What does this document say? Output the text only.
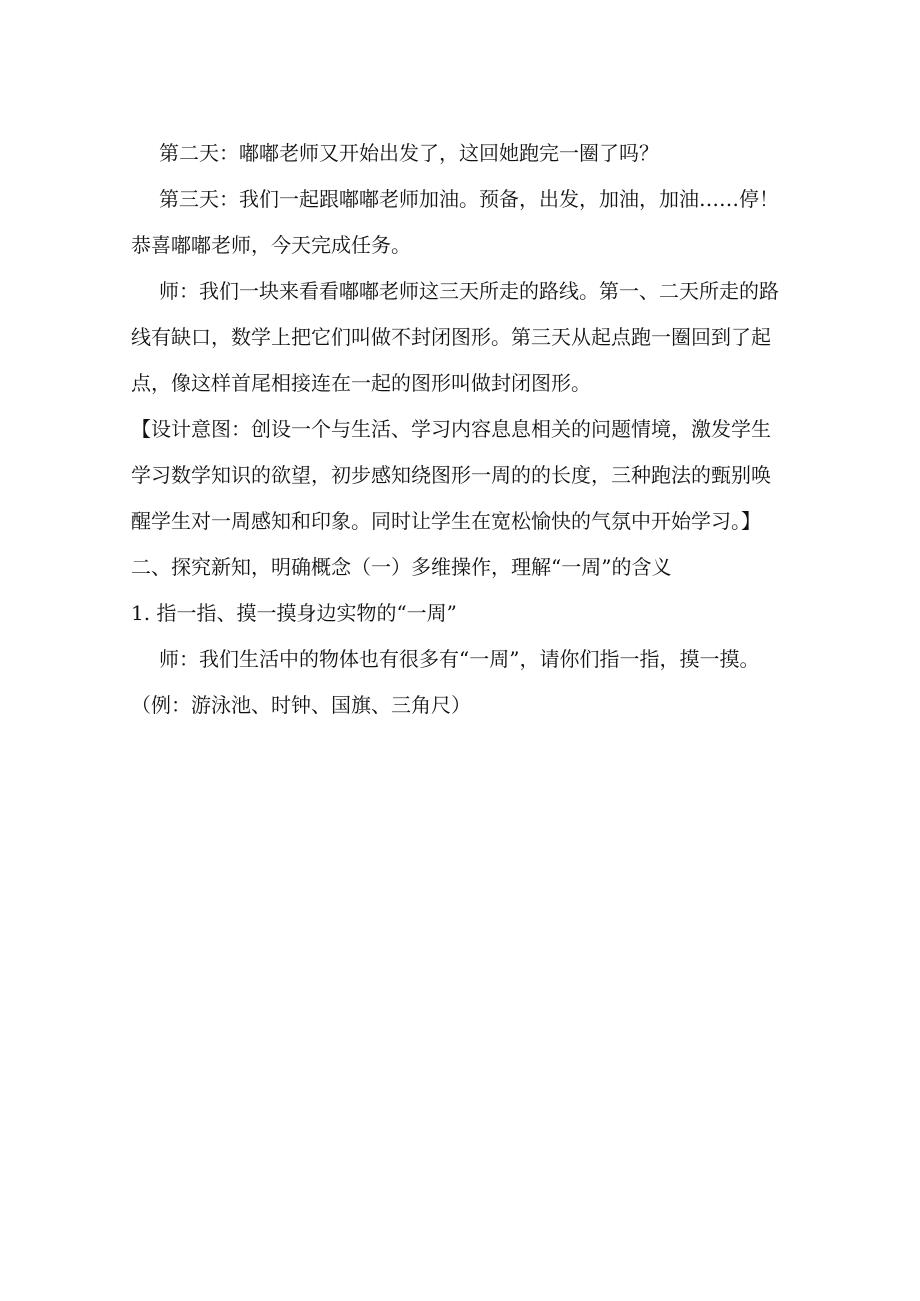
第二天：嘟嘟老师又开始出发了，这回她跑完一圈了吗？

第三天：我们一起跟嘟嘟老师加油。预备，出发，加油，加油……停！
恭喜嘟嘟老师，今天完成任务。

师：我们一块来看看嘟嘟老师这三天所走的路线。第一、二天所走的路
线有缺口，数学上把它们叫做不封闭图形。第三天从起点跑一圈回到了起
点，像这样首尾相接连在一起的图形叫做封闭图形。

【设计意图：创设一个与生活、学习内容息息相关的问题情境，激发学生
学习数学知识的欲望，初步感知绕图形一周的的长度，三种跑法的甄别唤
醒学生对一周感知和印象。同时让学生在宽松愉快的气氛中开始学习。】

二、探究新知，明确概念（一）多维操作，理解“一周”的含义

1. 指一指、摸一摸身边实物的“一周”

师：我们生活中的物体也有很多有“一周”，请你们指一指，摸一摸。
（例：游泳池、时钟、国旗、三角尺）
